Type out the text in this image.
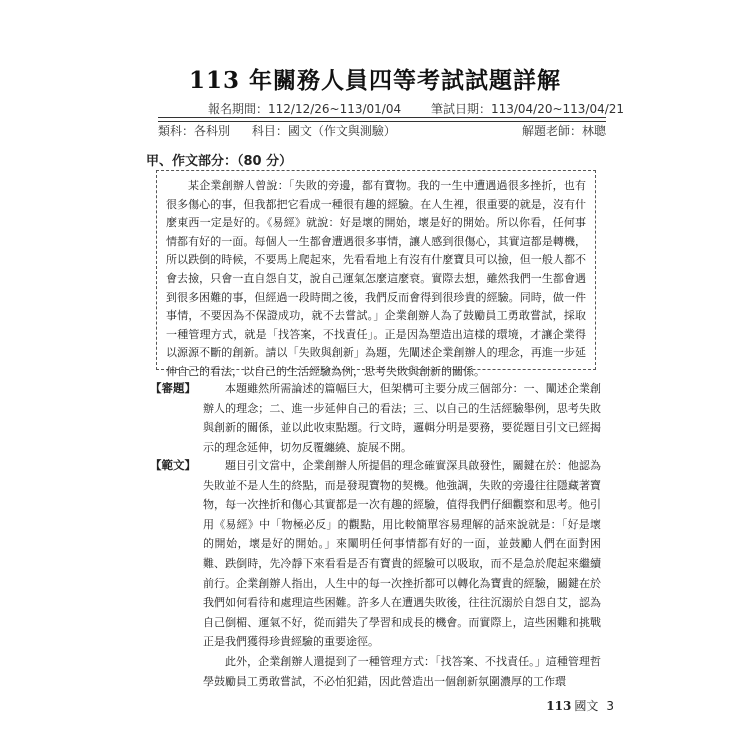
113 年關務人員四等考試試題詳解
報名期間：112/12/26~113/01/04 筆試日期：113/04/20~113/04/21
類科：各科別 科目：國文（作文與測驗）	解題老師：林聰
甲、作文部分：（80 分）

某企業創辦人曾說：「失敗的旁邊，都有寶物。我的一生中遭遇過很多挫折，也有很多傷心的事，但我都把它看成一種很有趣的經驗。在人生裡，很重要的就是，沒有什麼東西一定是好的。《易經》就說：好是壞的開始，壞是好的開始。所以你看，任何事情都有好的一面。每個人一生都會遭遇很多事情，讓人感到很傷心，其實這都是轉機，所以跌倒的時候，不要馬上爬起來，先看看地上有沒有什麼寶貝可以撿，但一般人都不會去撿，只會一直自怨自艾，說自己運氣怎麼這麼衰。實際去想，雖然我們一生都會遇到很多困難的事，但經過一段時間之後，我們反而會得到很珍貴的經驗。同時，做一件事情，不要因為不保證成功，就不去嘗試。」企業創辦人為了鼓勵員工勇敢嘗試，採取一種管理方式，就是「找答案，不找責任」。正是因為塑造出這樣的環境，才讓企業得以源源不斷的創新。請以「失敗與創新」為題，先闡述企業創辦人的理念，再進一步延伸自己的看法，以自己的生活經驗為例，思考失敗與創新的關係。

【審題】	本題雖然所需論述的篇幅巨大，但架構可主要分成三個部分：一、闡述企業創辦人的理念；二、進一步延伸自己的看法；三、以自己的生活經驗舉例，思考失敗與創新的關係，並以此收束點題。行文時，邏輯分明是要務，要從題目引文已經揭示的理念延伸，切勿反覆纏繞、旋展不開。

【範文】	題目引文當中，企業創辦人所提倡的理念確實深具啟發性，關鍵在於：他認為失敗並不是人生的終點，而是發現寶物的契機。他強調，失敗的旁邊往往隱藏著寶物，每一次挫折和傷心其實都是一次有趣的經驗，值得我們仔細觀察和思考。他引用《易經》中「物極必反」的觀點，用比較簡單容易理解的話來說就是：「好是壞的開始，壞是好的開始。」來闡明任何事情都有好的一面，並鼓勵人們在面對困難、跌倒時，先冷靜下來看看是否有寶貴的經驗可以吸取，而不是急於爬起來繼續前行。企業創辦人指出，人生中的每一次挫折都可以轉化為寶貴的經驗，關鍵在於我們如何看待和處理這些困難。許多人在遭遇失敗後，往往沉溺於自怨自艾，認為自己倒楣、運氣不好，從而錯失了學習和成長的機會。而實際上，這些困難和挑戰正是我們獲得珍貴經驗的重要途徑。

此外，企業創辦人還提到了一種管理方式：「找答案、不找責任。」這種管理哲學鼓勵員工勇敢嘗試，不必怕犯錯，因此營造出一個創新氛圍濃厚的工作環

113 國文 3
